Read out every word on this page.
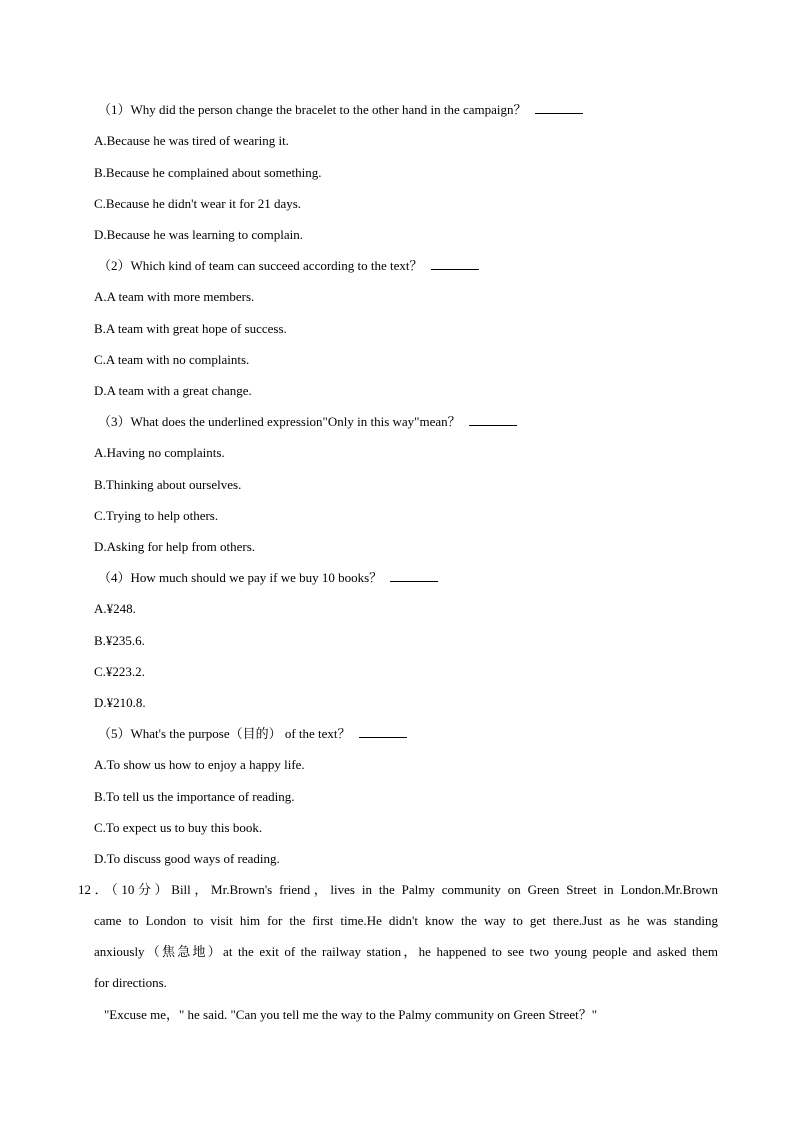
（1）Why did the person change the bracelet to the other hand in the campaign？
A.Because he was tired of wearing it.
B.Because he complained about something.
C.Because he didn't wear it for 21 days.
D.Because he was learning to complain.
（2）Which kind of team can succeed according to the text？
A.A team with more members.
B.A team with great hope of success.
C.A team with no complaints.
D.A team with a great change.
（3）What does the underlined expression"Only in this way"mean？
A.Having no complaints.
B.Thinking about ourselves.
C.Trying to help others.
D.Asking for help from others.
（4）How much should we pay if we buy 10 books？
A.¥248.
B.¥235.6.
C.¥223.2.
D.¥210.8.
（5）What's the purpose（目的） of the text？
A.To show us how to enjoy a happy life.
B.To tell us the importance of reading.
C.To expect us to buy this book.
D.To discuss good ways of reading.
12．（10分）Bill，Mr.Brown's friend，lives in the Palmy community on Green Street in London.Mr.Brown
came to London to visit him for the first time.He didn't know the way to get there.Just as he was standing
anxiously（焦急地）at the exit of the railway station，he happened to see two young people and asked them
for directions.
"Excuse me，" he said. "Can you tell me the way to the Palmy community on Green Street？"
